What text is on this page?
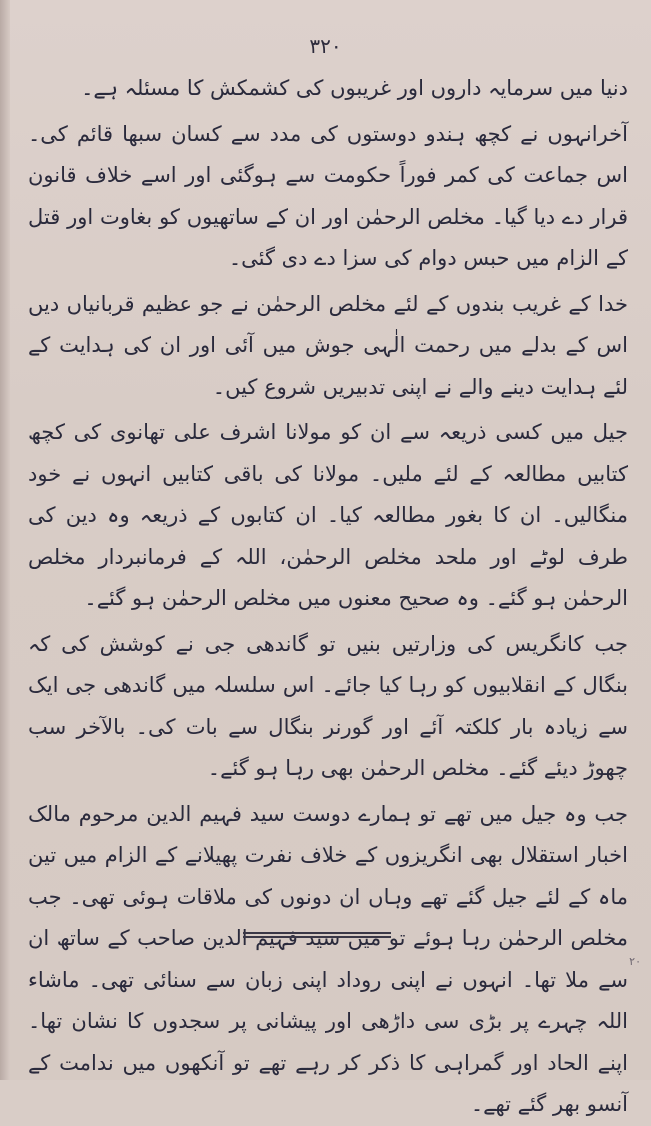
۳۲۰

دنیا میں سرمایہ داروں اور غریبوں کی کشمکش کا مسئلہ ہے۔

آخرانہوں نے کچھ ہندو دوستوں کی مدد سے کسان سبھا قائم کی۔ اس جماعت کی کمر فوراً حکومت سے ہوگئی اور اسے خلاف قانون قرار دے دیا گیا۔ مخلص الرحمٰن اور ان کے ساتھیوں کو بغاوت اور قتل کے الزام میں حبس دوام کی سزا دے دی گئی۔

خدا کے غریب بندوں کے لئے مخلص الرحمٰن نے جو عظیم قربانیاں دیں اس کے بدلے میں رحمت الٰہی جوش میں آئی اور ان کی ہدایت کے لئے ہدایت دینے والے نے اپنی تدبیریں شروع کیں۔

جیل میں کسی ذریعہ سے ان کو مولانا اشرف علی تھانوی کی کچھ کتابیں مطالعہ کے لئے ملیں۔ مولانا کی باقی کتابیں انہوں نے خود منگالیں۔ ان کا بغور مطالعہ کیا۔ ان کتابوں کے ذریعہ وہ دین کی طرف لوٹے اور ملحد مخلص الرحمٰن، اللہ کے فرمانبردار مخلص الرحمٰن ہو گئے۔ وہ صحیح معنوں میں مخلص الرحمٰن ہو گئے۔

جب کانگریس کی وزارتیں بنیں تو گاندھی جی نے کوشش کی کہ بنگال کے انقلابیوں کو رہا کیا جائے۔ اس سلسلہ میں گاندھی جی ایک سے زیادہ بار کلکتہ آئے اور گورنر بنگال سے بات کی۔ بالآخر سب چھوڑ دیئے گئے۔ مخلص الرحمٰن بھی رہا ہو گئے۔

جب وہ جیل میں تھے تو ہمارے دوست سید فہیم الدین مرحوم مالک اخبار استقلال بھی انگریزوں کے خلاف نفرت پھیلانے کے الزام میں تین ماہ کے لئے جیل گئے تھے وہاں ان دونوں کی ملاقات ہوئی تھی۔ جب مخلص الرحمٰن رہا ہوئے تو میں سید فہیم الدین صاحب کے ساتھ ان سے ملا تھا۔ انہوں نے اپنی روداد اپنی زبان سے سنائی تھی۔ ماشاء اللہ چہرے پر بڑی سی داڑھی اور پیشانی پر سجدوں کا نشان تھا۔ اپنے الحاد اور گمراہی کا ذکر کر رہے تھے تو آنکھوں میں ندامت کے آنسو بھر گئے تھے۔

۲۰
